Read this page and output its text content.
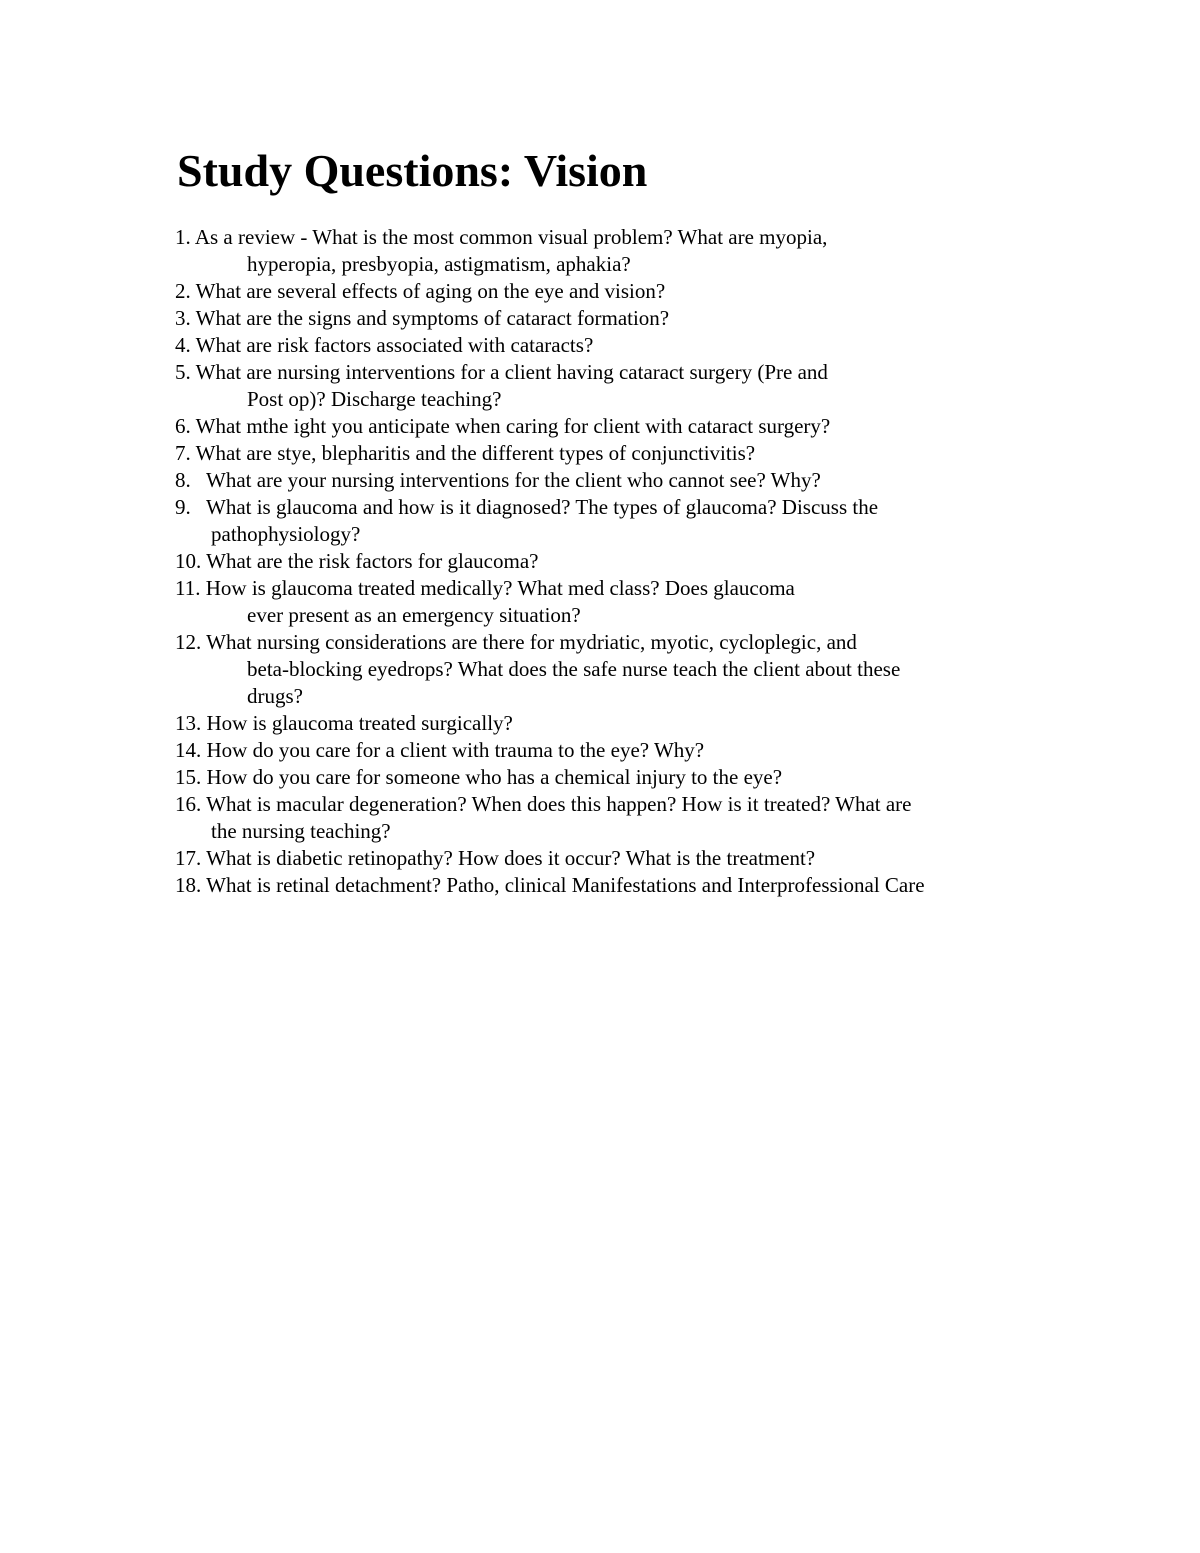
Study Questions: Vision
1. As a review - What is the most common visual problem? What are myopia,
hyperopia, presbyopia, astigmatism, aphakia?
2. What are several effects of aging on the eye and vision?
3. What are the signs and symptoms of cataract formation?
4. What are risk factors associated with cataracts?
5. What are nursing interventions for a client having cataract surgery (Pre and
Post op)? Discharge teaching?
6. What mthe ight you anticipate when caring for client with cataract surgery?
7. What are stye, blepharitis and the different types of conjunctivitis?
8. What are your nursing interventions for the client who cannot see? Why?
9. What is glaucoma and how is it diagnosed? The types of glaucoma? Discuss the
pathophysiology?
10. What are the risk factors for glaucoma?
11. How is glaucoma treated medically? What med class? Does glaucoma
ever present as an emergency situation?
12. What nursing considerations are there for mydriatic, myotic, cycloplegic, and
beta-blocking eyedrops? What does the safe nurse teach the client about these
drugs?
13. How is glaucoma treated surgically?
14. How do you care for a client with trauma to the eye? Why?
15. How do you care for someone who has a chemical injury to the eye?
16. What is macular degeneration? When does this happen? How is it treated? What are
the nursing teaching?
17. What is diabetic retinopathy? How does it occur? What is the treatment?
18. What is retinal detachment? Patho, clinical Manifestations and Interprofessional Care
